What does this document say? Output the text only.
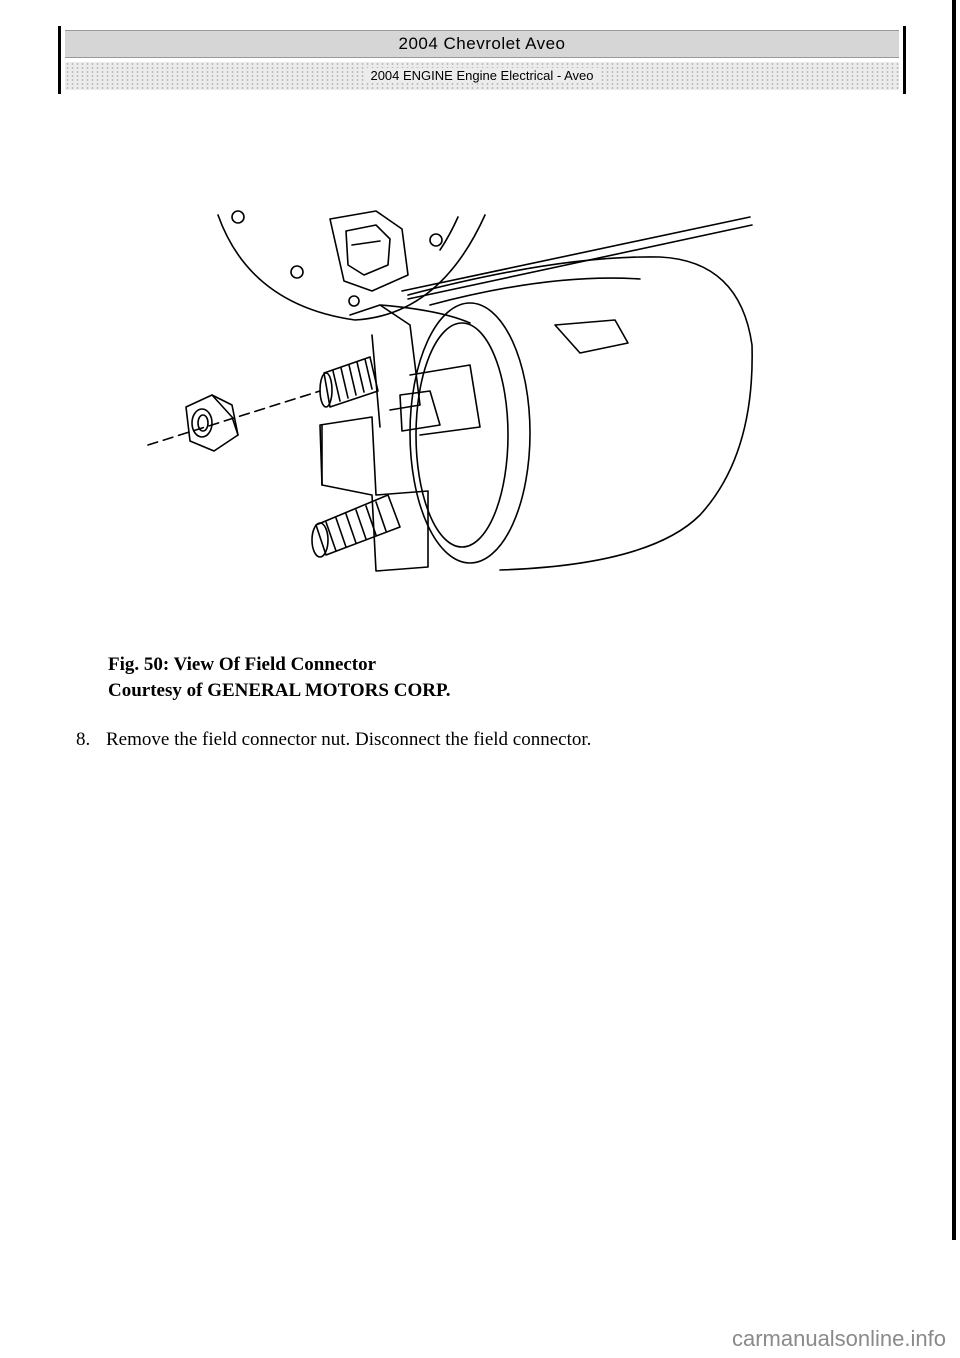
2004 Chevrolet Aveo
2004 ENGINE Engine Electrical - Aveo
Fig. 50: View Of Field Connector
Courtesy of GENERAL MOTORS CORP.
8. Remove the field connector nut. Disconnect the field connector.
carmanualsonline.info
